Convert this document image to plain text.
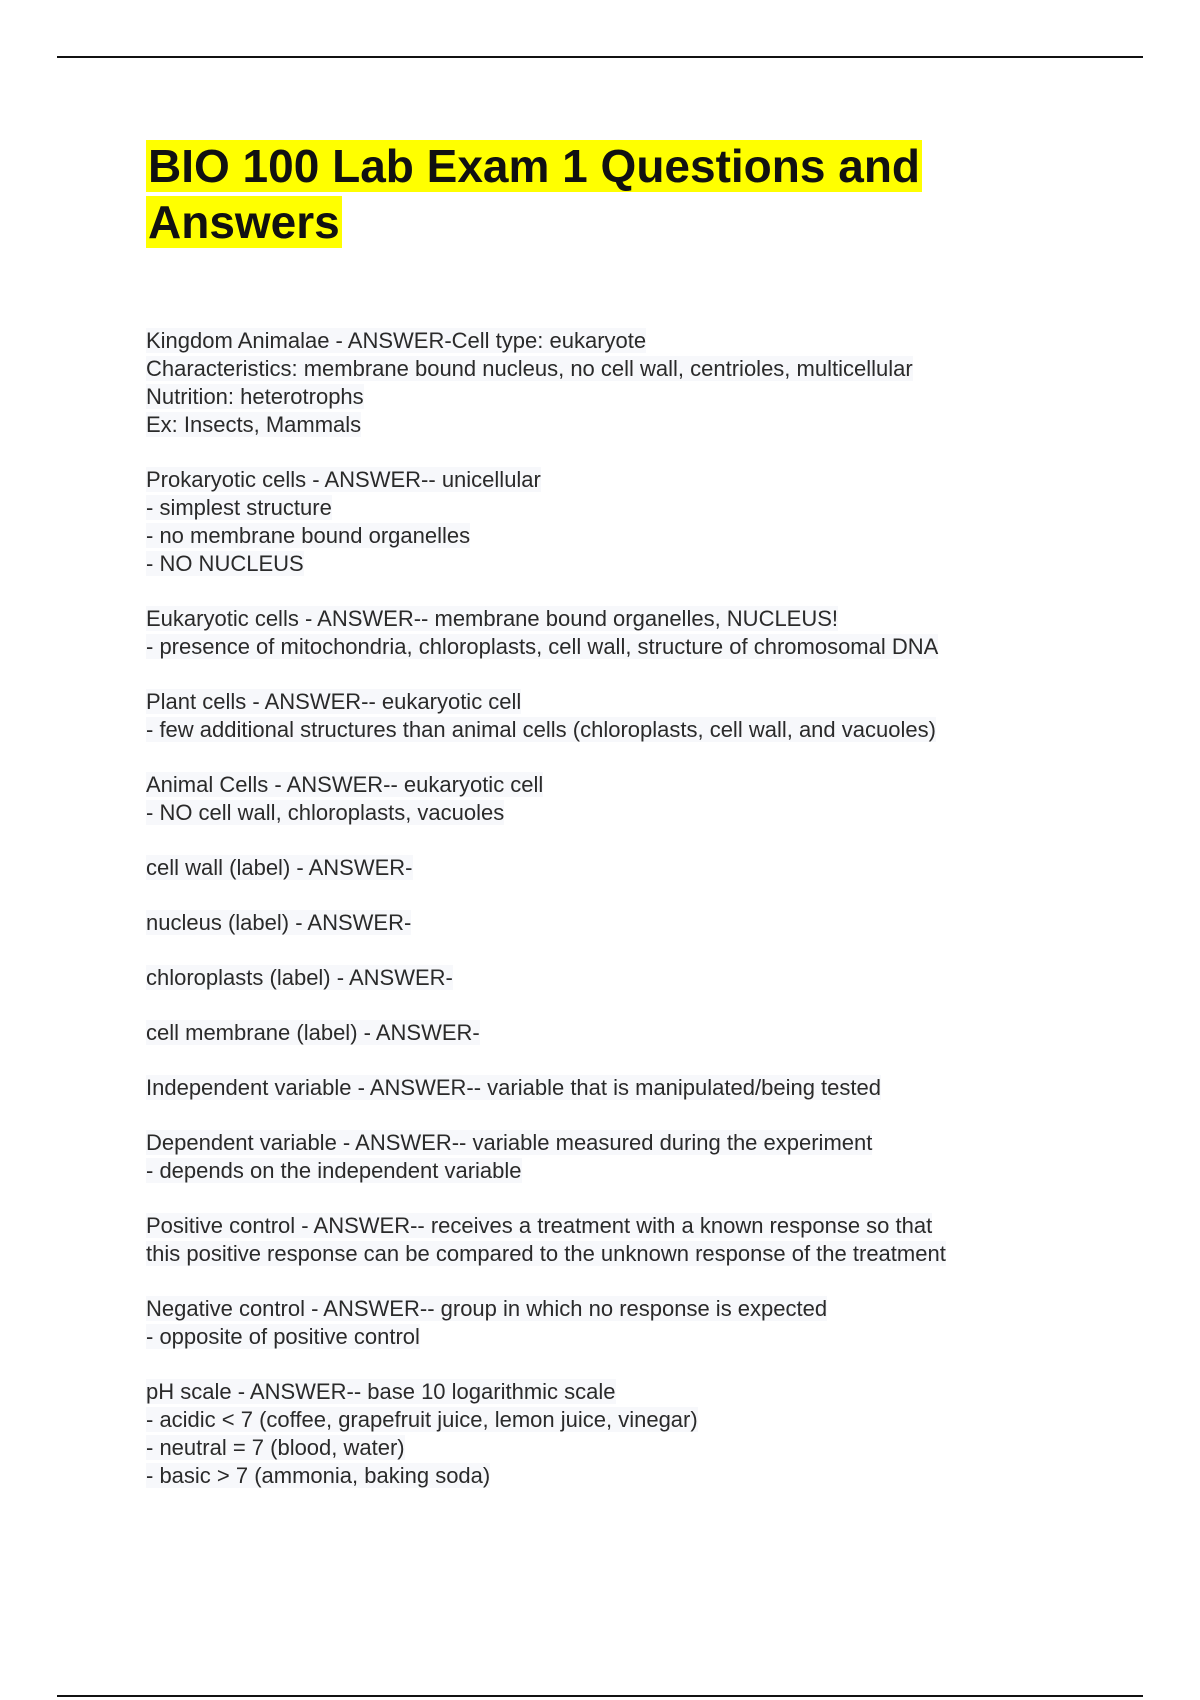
BIO 100 Lab Exam 1 Questions and Answers
Kingdom Animalae - ANSWER-Cell type: eukaryote
Characteristics: membrane bound nucleus, no cell wall, centrioles, multicellular
Nutrition: heterotrophs
Ex: Insects, Mammals
Prokaryotic cells - ANSWER-- unicellular
- simplest structure
- no membrane bound organelles
- NO NUCLEUS
Eukaryotic cells - ANSWER-- membrane bound organelles, NUCLEUS!
- presence of mitochondria, chloroplasts, cell wall, structure of chromosomal DNA
Plant cells - ANSWER-- eukaryotic cell
- few additional structures than animal cells (chloroplasts, cell wall, and vacuoles)
Animal Cells - ANSWER-- eukaryotic cell
- NO cell wall, chloroplasts, vacuoles
cell wall (label) - ANSWER-
nucleus (label) - ANSWER-
chloroplasts (label) - ANSWER-
cell membrane (label) - ANSWER-
Independent variable - ANSWER-- variable that is manipulated/being tested
Dependent variable - ANSWER-- variable measured during the experiment
- depends on the independent variable
Positive control - ANSWER-- receives a treatment with a known response so that
this positive response can be compared to the unknown response of the treatment
Negative control - ANSWER-- group in which no response is expected
- opposite of positive control
pH scale - ANSWER-- base 10 logarithmic scale
- acidic < 7 (coffee, grapefruit juice, lemon juice, vinegar)
- neutral = 7 (blood, water)
- basic > 7 (ammonia, baking soda)
